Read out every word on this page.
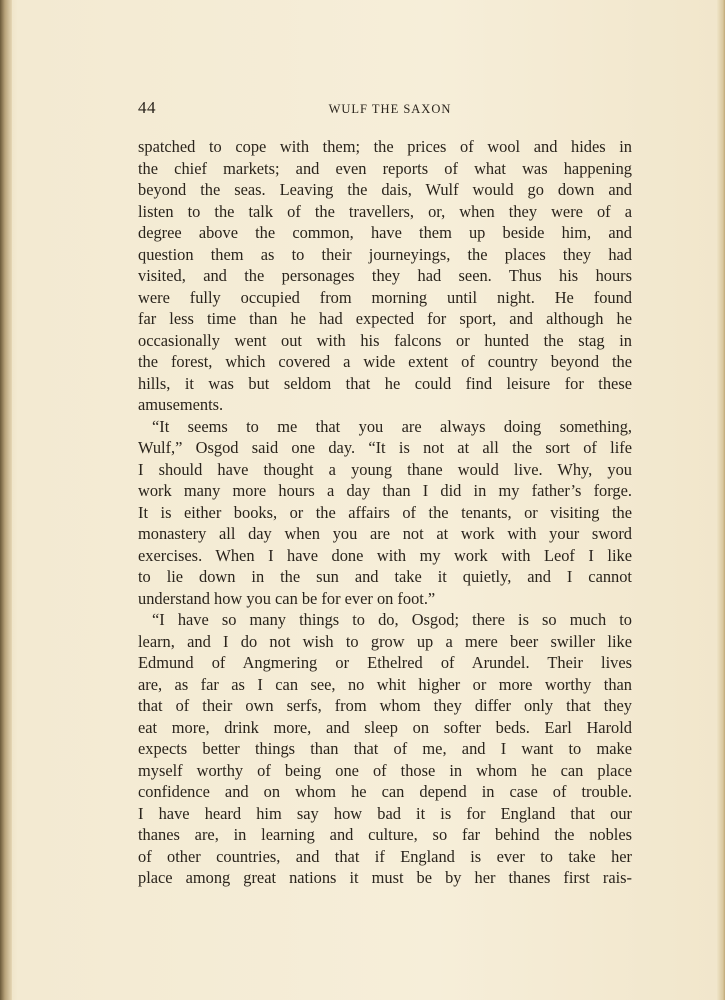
44	WULF THE SAXON
spatched to cope with them; the prices of wool and hides in
the chief markets; and even reports of what was happening
beyond the seas. Leaving the dais, Wulf would go down and
listen to the talk of the travellers, or, when they were of a
degree above the common, have them up beside him, and
question them as to their journeyings, the places they had
visited, and the personages they had seen. Thus his hours
were fully occupied from morning until night. He found
far less time than he had expected for sport, and although he
occasionally went out with his falcons or hunted the stag in
the forest, which covered a wide extent of country beyond the
hills, it was but seldom that he could find leisure for these
amusements.
“It seems to me that you are always doing something,
Wulf,” Osgod said one day. “It is not at all the sort of life
I should have thought a young thane would live. Why, you
work many more hours a day than I did in my father’s forge.
It is either books, or the affairs of the tenants, or visiting the
monastery all day when you are not at work with your sword
exercises. When I have done with my work with Leof I like
to lie down in the sun and take it quietly, and I cannot
understand how you can be for ever on foot.”
“I have so many things to do, Osgod; there is so much to
learn, and I do not wish to grow up a mere beer swiller like
Edmund of Angmering or Ethelred of Arundel. Their lives
are, as far as I can see, no whit higher or more worthy than
that of their own serfs, from whom they differ only that they
eat more, drink more, and sleep on softer beds. Earl Harold
expects better things than that of me, and I want to make
myself worthy of being one of those in whom he can place
confidence and on whom he can depend in case of trouble.
I have heard him say how bad it is for England that our
thanes are, in learning and culture, so far behind the nobles
of other countries, and that if England is ever to take her
place among great nations it must be by her thanes first rais-
